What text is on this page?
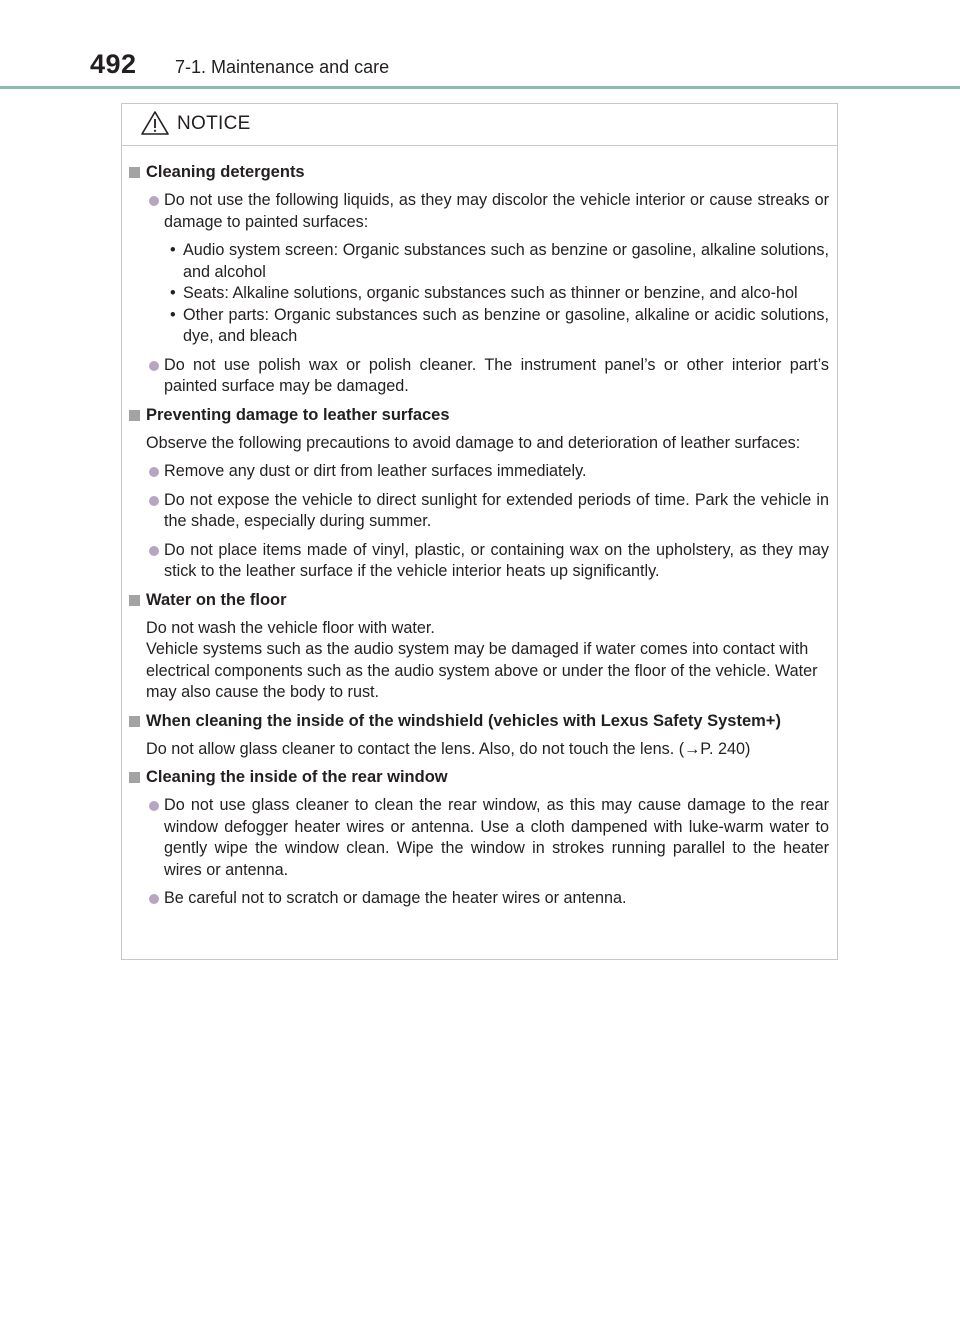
492 7-1. Maintenance and care
NOTICE
Cleaning detergents
Do not use the following liquids, as they may discolor the vehicle interior or cause streaks or damage to painted surfaces:
• Audio system screen: Organic substances such as benzine or gasoline, alkaline solutions, and alcohol
• Seats: Alkaline solutions, organic substances such as thinner or benzine, and alco-hol
• Other parts: Organic substances such as benzine or gasoline, alkaline or acidic solutions, dye, and bleach
Do not use polish wax or polish cleaner. The instrument panel’s or other interior part’s painted surface may be damaged.
Preventing damage to leather surfaces
Observe the following precautions to avoid damage to and deterioration of leather surfaces:
Remove any dust or dirt from leather surfaces immediately.
Do not expose the vehicle to direct sunlight for extended periods of time. Park the vehicle in the shade, especially during summer.
Do not place items made of vinyl, plastic, or containing wax on the upholstery, as they may stick to the leather surface if the vehicle interior heats up significantly.
Water on the floor
Do not wash the vehicle floor with water.
Vehicle systems such as the audio system may be damaged if water comes into contact with electrical components such as the audio system above or under the floor of the vehicle. Water may also cause the body to rust.
When cleaning the inside of the windshield (vehicles with Lexus Safety System+)
Do not allow glass cleaner to contact the lens. Also, do not touch the lens. (→P. 240)
Cleaning the inside of the rear window
Do not use glass cleaner to clean the rear window, as this may cause damage to the rear window defogger heater wires or antenna. Use a cloth dampened with luke-warm water to gently wipe the window clean. Wipe the window in strokes running parallel to the heater wires or antenna.
Be careful not to scratch or damage the heater wires or antenna.
